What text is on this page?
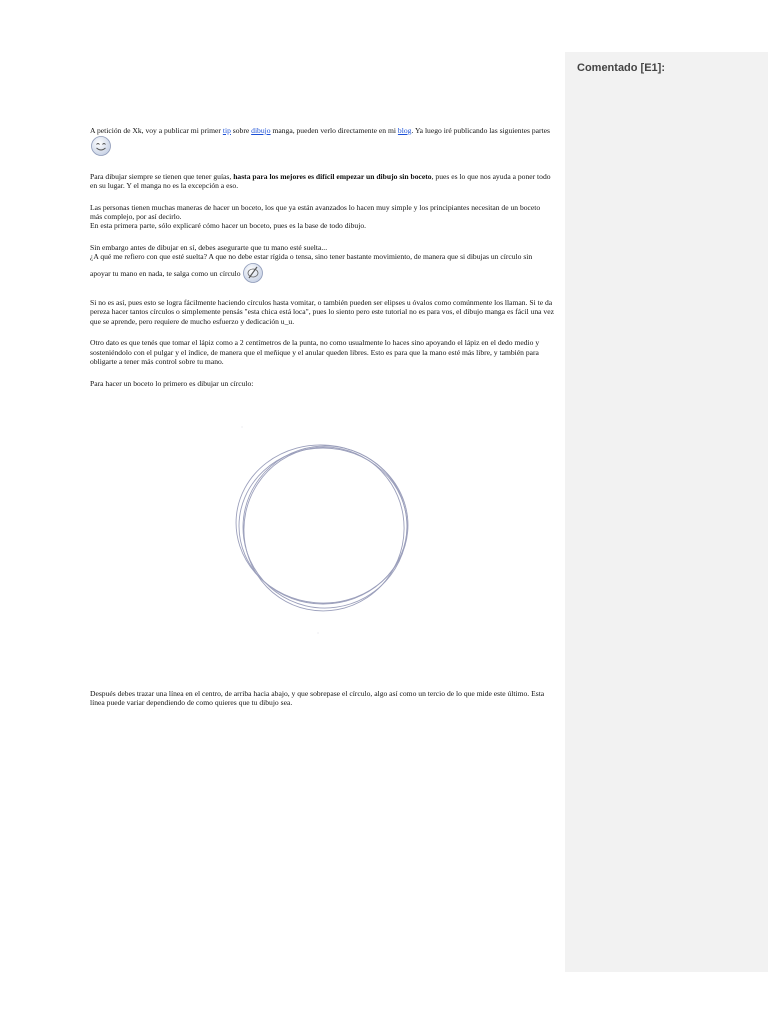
Comentado [E1]:

A petición de Xk, voy a publicar mi primer tip sobre dibujo manga, pueden verlo directamente en mi blog. Ya luego iré publicando las siguientes partes

Para dibujar siempre se tienen que tener guías, hasta para los mejores es difícil empezar un dibujo sin boceto, pues es lo que nos ayuda a poner todo en su lugar. Y el manga no es la excepción a eso.

Las personas tienen muchas maneras de hacer un boceto, los que ya están avanzados lo hacen muy simple y los principiantes necesitan de un boceto más complejo, por así decirlo.
En esta primera parte, sólo explicaré cómo hacer un boceto, pues es la base de todo dibujo.

Sin embargo antes de dibujar en sí, debes asegurarte que tu mano esté suelta...
¿A qué me refiero con que esté suelta? A que no debe estar rígida o tensa, sino tener bastante movimiento, de manera que si dibujas un círculo sin apoyar tu mano en nada, te salga como un círculo

Si no es así, pues esto se logra fácilmente haciendo círculos hasta vomitar, o también pueden ser elipses u óvalos como comúnmente los llaman. Si te da pereza hacer tantos círculos o simplemente pensás "esta chica está loca", pues lo siento pero este tutorial no es para vos, el dibujo manga es fácil una vez que se aprende, pero requiere de mucho esfuerzo y dedicación u_u.

Otro dato es que tenés que tomar el lápiz como a 2 centímetros de la punta, no como usualmente lo haces sino apoyando el lápiz en el dedo medio y sosteniéndolo con el pulgar y el índice, de manera que el meñique y el anular queden libres. Esto es para que la mano esté más libre, y también para obligarte a tener más control sobre tu mano.

Para hacer un boceto lo primero es dibujar un círculo:

Después debes trazar una línea en el centro, de arriba hacia abajo, y que sobrepase el círculo, algo así como un tercio de lo que mide este último. Esta línea puede variar dependiendo de como quieres que tu dibujo sea.
